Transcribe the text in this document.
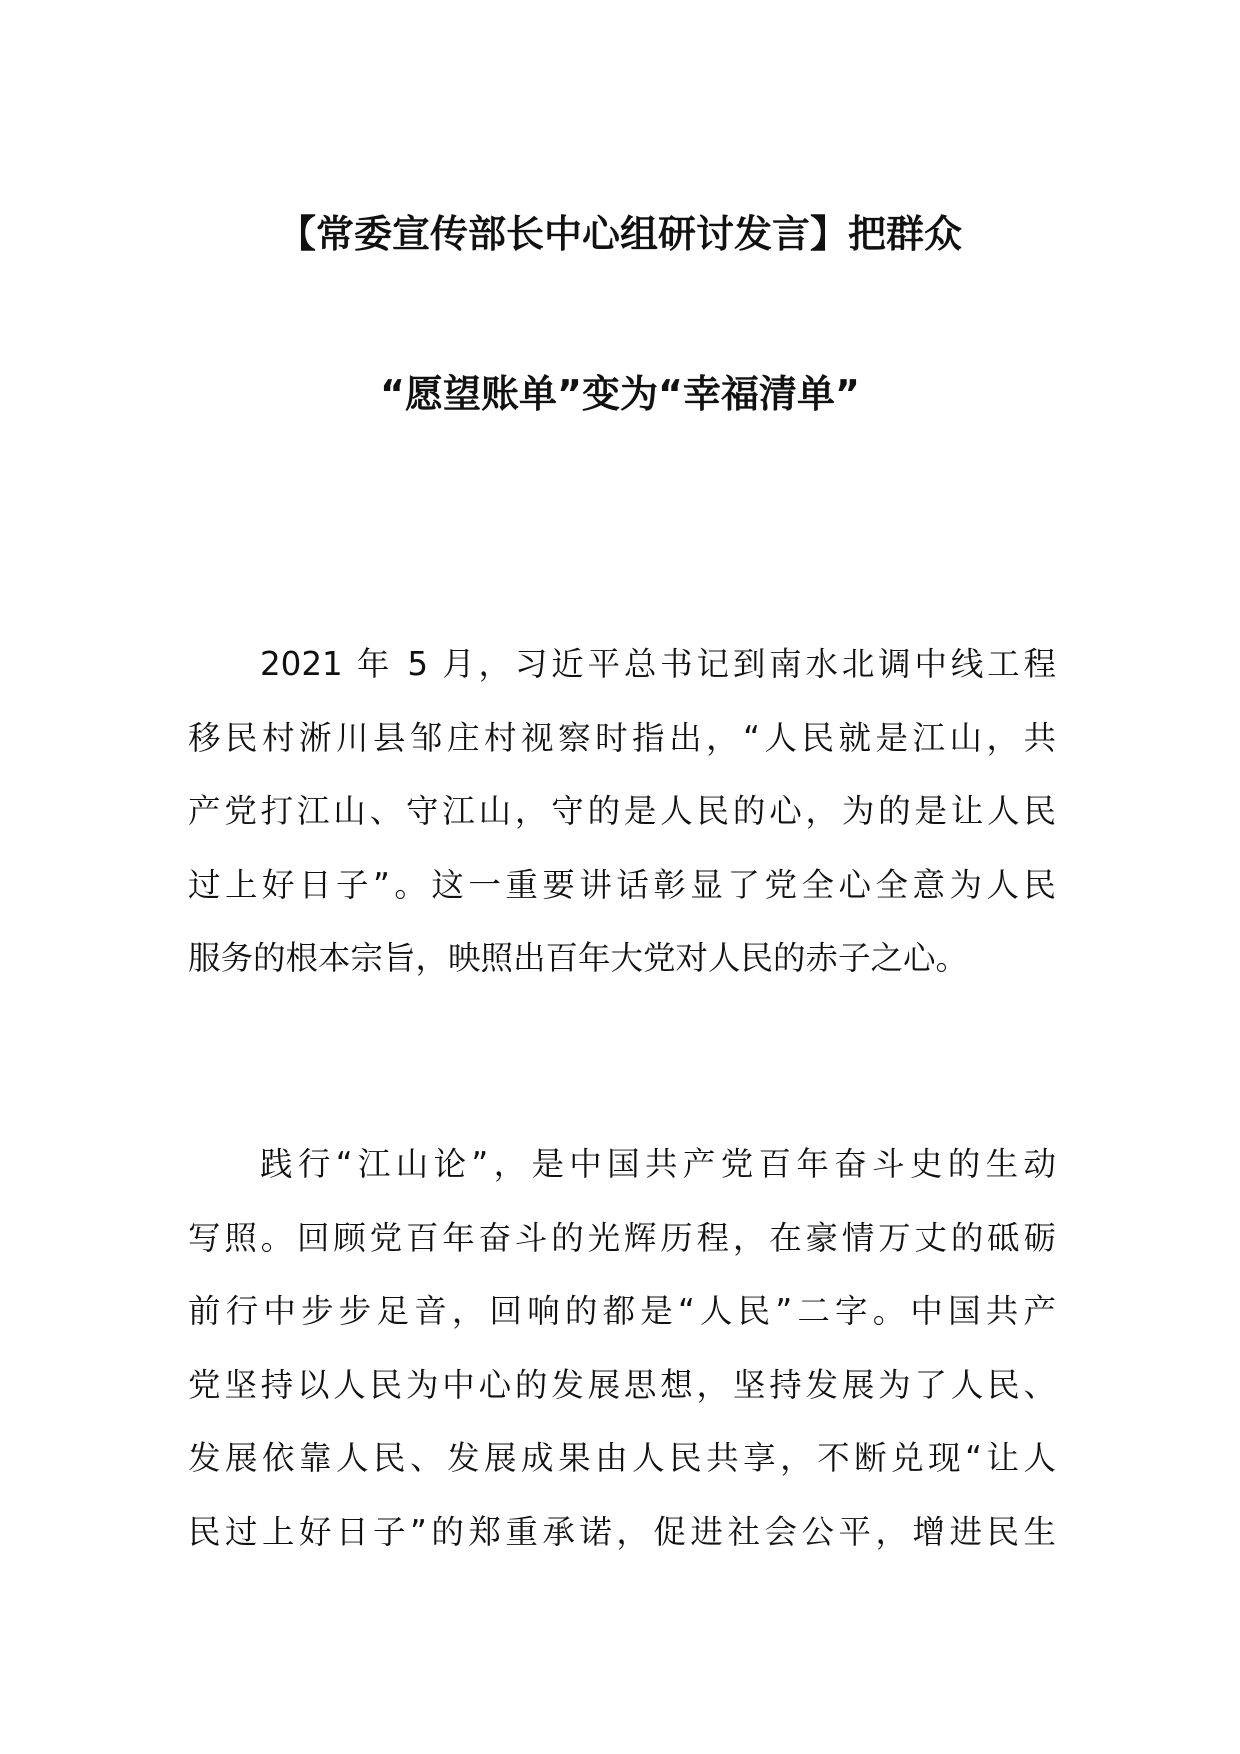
【常委宣传部长中心组研讨发言】把群众
“愿望账单”变为“幸福清单”
2021 年 5 月，习近平总书记到南水北调中线工程
移民村淅川县邹庄村视察时指出，“人民就是江山，共
产党打江山、守江山，守的是人民的心，为的是让人民
过上好日子”。这一重要讲话彰显了党全心全意为人民
服务的根本宗旨，映照出百年大党对人民的赤子之心。
践行“江山论”，是中国共产党百年奋斗史的生动
写照。回顾党百年奋斗的光辉历程，在豪情万丈的砥砺
前行中步步足音，回响的都是“人民”二字。中国共产
党坚持以人民为中心的发展思想，坚持发展为了人民、
发展依靠人民、发展成果由人民共享，不断兑现“让人
民过上好日子”的郑重承诺，促进社会公平，增进民生
